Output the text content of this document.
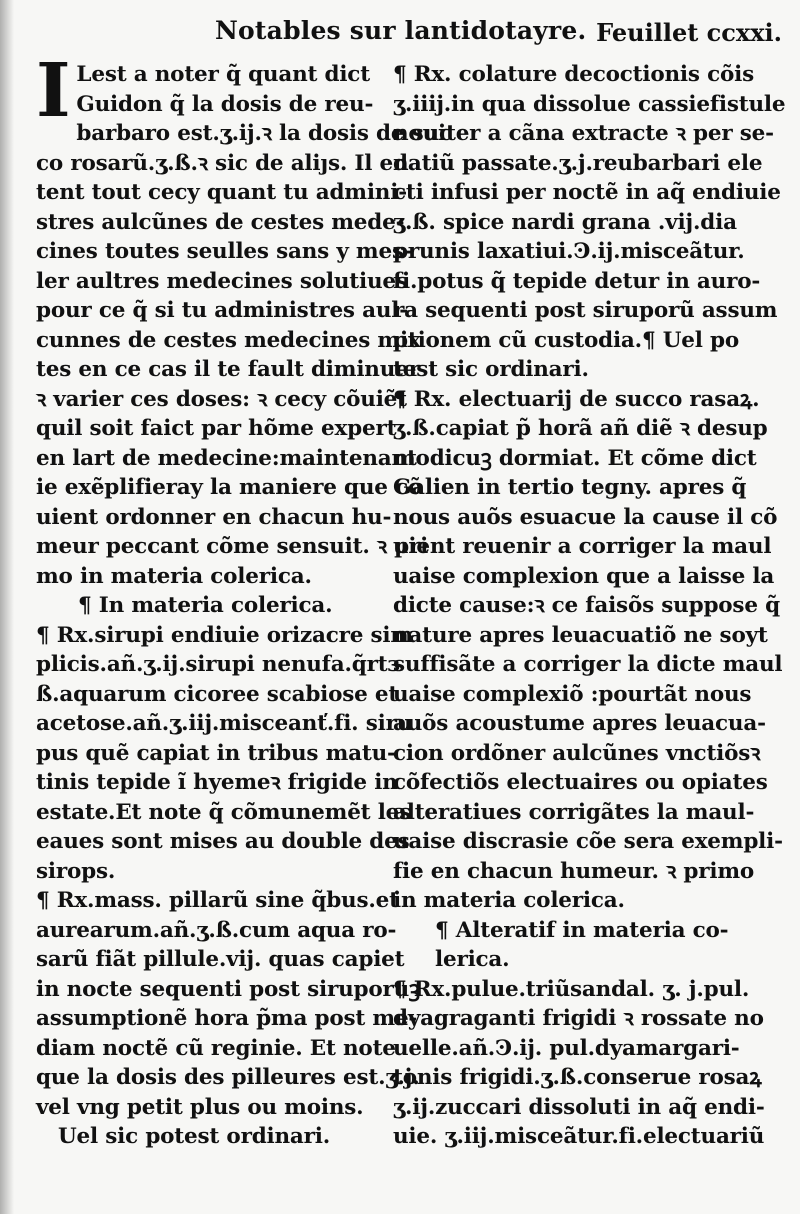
Notables sur lantidotayre. Feuillet ccxxi.
I Lest a noter q̃ quant dict
Guidon q̃ la dosis de reu-
barbaro est.ʒ.ij.ꝛ la dosis de suc
co rosarũ.ʒ.ß.ꝛ sic de aliȷs. Il en
tent tout cecy quant tu admini-
stres aulcũnes de cestes mede-
cines toutes seulles sans y mes-
ler aultres medecines solutiues
pour ce q̃ si tu administres aul-
cunnes de cestes medecines mix
tes en ce cas il te fault diminuer
ꝛ varier ces doses: ꝛ cecy cõuiẽt
quil soit faict par hõme expert
en lart de medecine:maintenant
ie exẽplifieray la maniere que cõ
uient ordonner en chacun hu-
meur peccant cõme sensuit. ꝛ pri
mo in materia colerica.
¶ In materia colerica.
¶ Rx.sirupi endiuie orizacre sim
plicis.añ.ʒ.ij.sirupi nenufa.q̃rtɜ
ß.aquarum cicoree scabiose et
acetose.añ.ʒ.iij.misceanť.fi. siru
pus quẽ capiat in tribus matu-
tinis tepide ĩ hyemeꝛ frigide in
estate.Et note q̃ cõmunemẽt les
eaues sont mises au double des
sirops.
¶ Rx.mass. pillarũ sine q̃bus.et
aurearum.añ.ʒ.ß.cum aqua ro-
sarũ fiãt pillule.vij. quas capiet
in nocte sequenti post siruporuꝫ
assumptionẽ hora p̃ma post me-
diam noctẽ cũ reginie. Et note
que la dosis des pilleures est.ʒ.j.
vel vng petit plus ou moins.
Uel sic potest ordinari.
¶ Rx. colature decoctionis cõis
ʒ.iiij.in qua dissolue cassiefistule
nouiter a cãna extracte ꝛ per se-
datiũ passate.ʒ.j.reubarbari ele
cti infusi per noctẽ in aq̃ endiuie
ʒ.ß. spice nardi grana .vij.dia
prunis laxatiui.Ͽ.ij.misceãtur.
fi.potus q̃ tepide detur in auro-
ra sequenti post siruporũ assum
ptionem cũ custodia.¶ Uel po
test sic ordinari.
¶ Rx. electuarij de succo rasaꝝ.
ʒ.ß.capiat p̃ horã añ diẽ ꝛ desup
modicuꝫ dormiat. Et cõme dict
Galien in tertio tegny. apres q̃
nous auõs esuacue la cause il cõ
uient reuenir a corriger la maul
uaise complexion que a laisse la
dicte cause:ꝛ ce faisõs suppose q̃
nature apres leuacuatiõ ne soyt
suffisãte a corriger la dicte maul
uaise complexiõ :pourtãt nous
auõs acoustume apres leuacua-
cion ordõner aulcũnes vnctiõsꝛ
cõfectiõs electuaires ou opiates
alteratiues corrigãtes la maul-
uaise discrasie cõe sera exempli-
fie en chacun humeur. ꝛ primo
in materia colerica.
¶ Alteratif in materia co-
lerica.
¶ Rx.pulue.triũsandal. ʒ. j.pul.
dyagraganti frigidi ꝛ rossate no
uelle.añ.Ͽ.ij. pul.dyamargari-
tonis frigidi.ʒ.ß.conserue rosaꝝ
ʒ.ij.zuccari dissoluti in aq̃ endi-
uie. ʒ.iij.misceãtur.fi.electuariũ
